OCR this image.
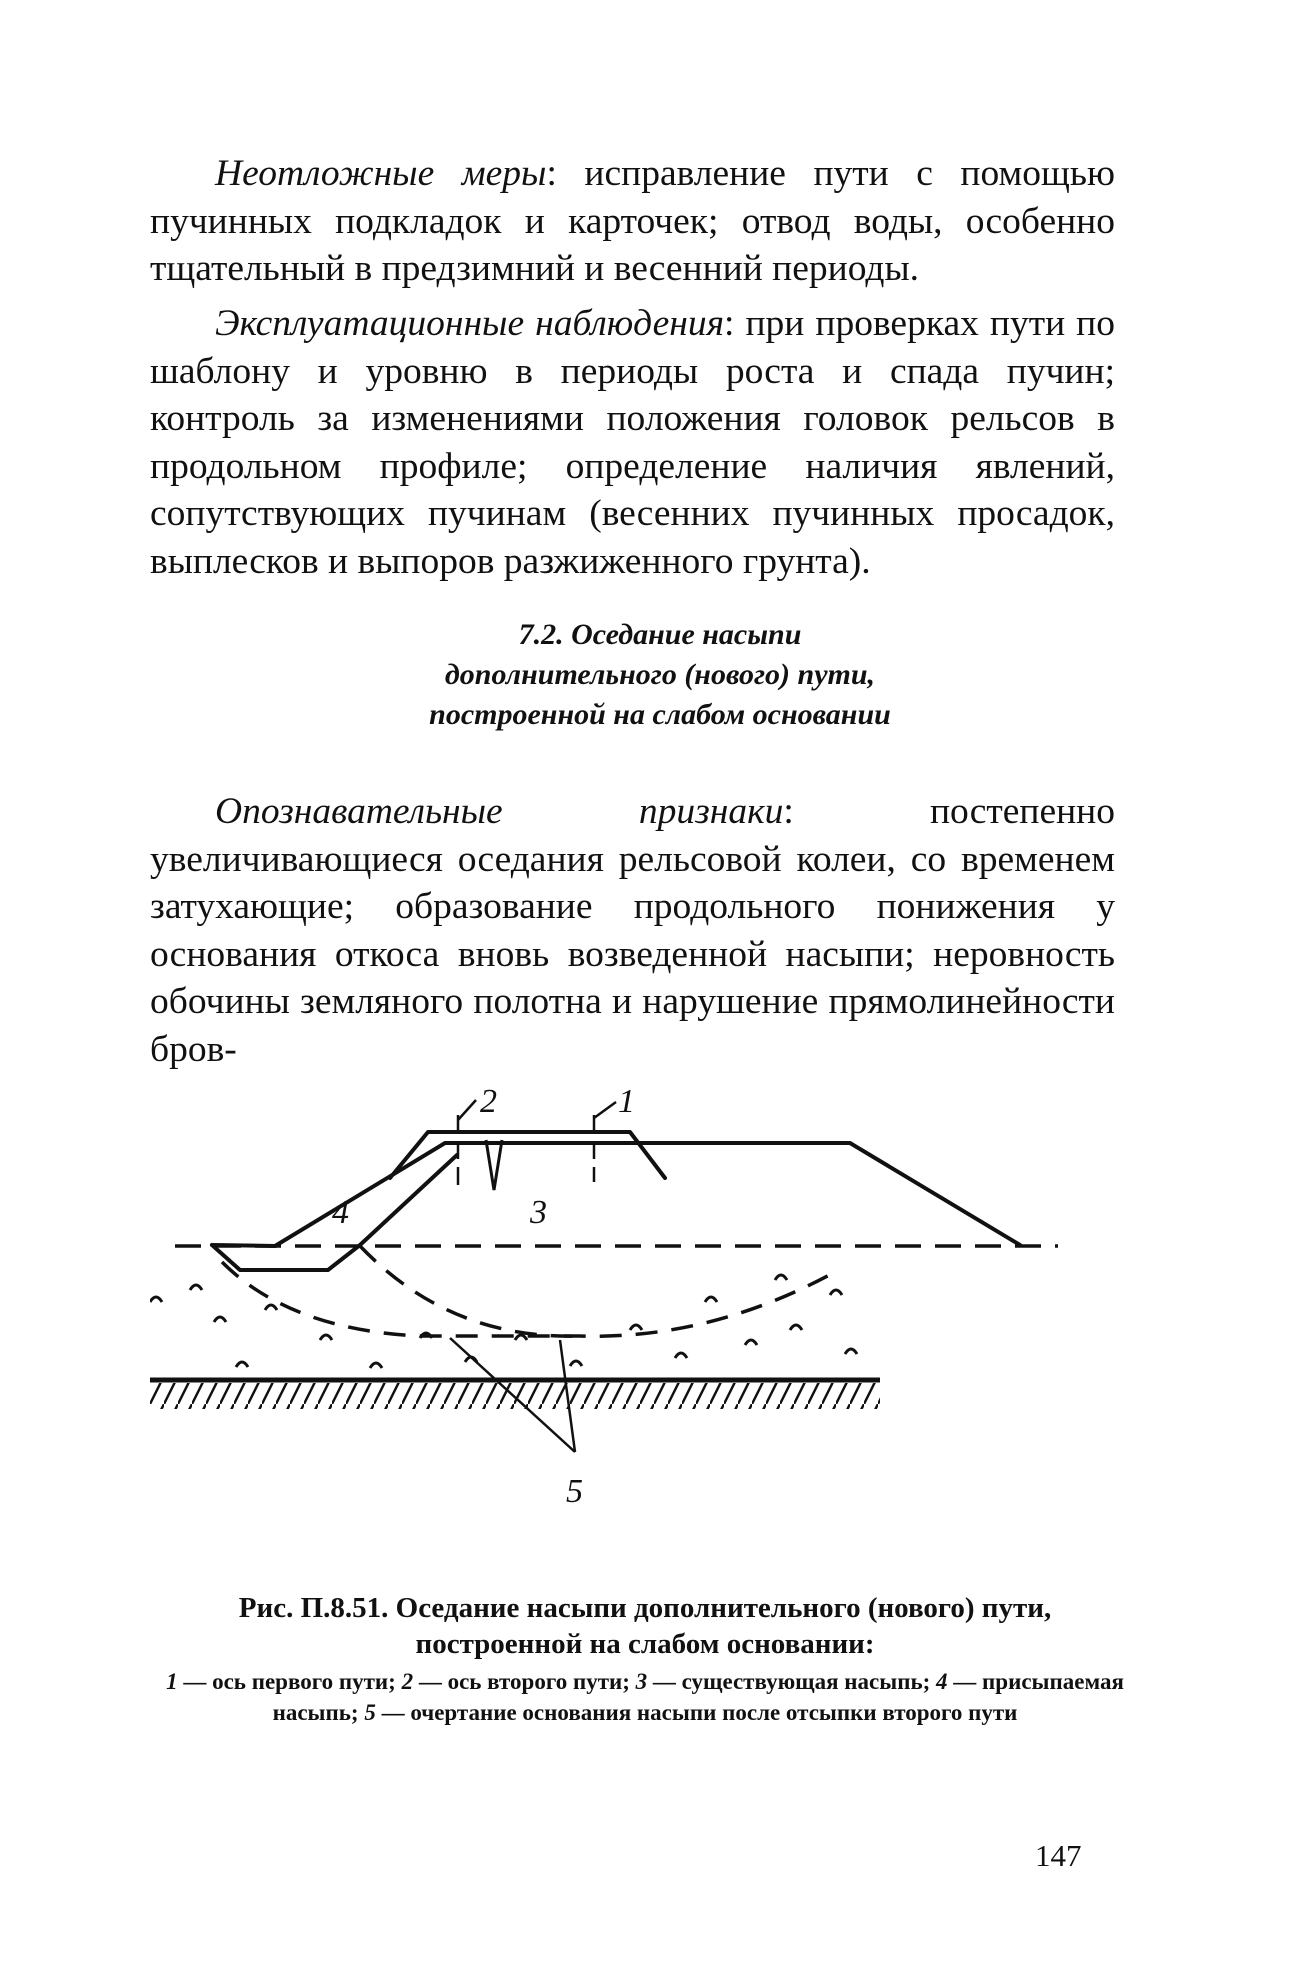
Неотложные меры: исправление пути с помощью пучинных подкладок и карточек; отвод воды, особенно тщательный в предзимний и весенний периоды.

Эксплуатационные наблюдения: при проверках пути по шаблону и уровню в периоды роста и спада пучин; контроль за изменениями положения головок рельсов в продольном профиле; определение наличия явлений, сопутствующих пучинам (весенних пучинных просадок, выплесков и выпоров разжиженного грунта).

7.2. Оседание насыпи
дополнительного (нового) пути,
построенной на слабом основании

Опознавательные признаки: постепенно увеличивающиеся оседания рельсовой колеи, со временем затухающие; образование продольного понижения у основания откоса вновь возведенной насыпи; неровность обочины земляного полотна и нарушение прямолинейности бров-

2	1
4	3
5
Рис. П.8.51. Оседание насыпи дополнительного (нового) пути,
построенной на слабом основании:
1 — ось первого пути; 2 — ось второго пути; 3 — существующая насыпь; 4 — присыпаемая насыпь; 5 — очертание основания насыпи после отсыпки второго пути
147
